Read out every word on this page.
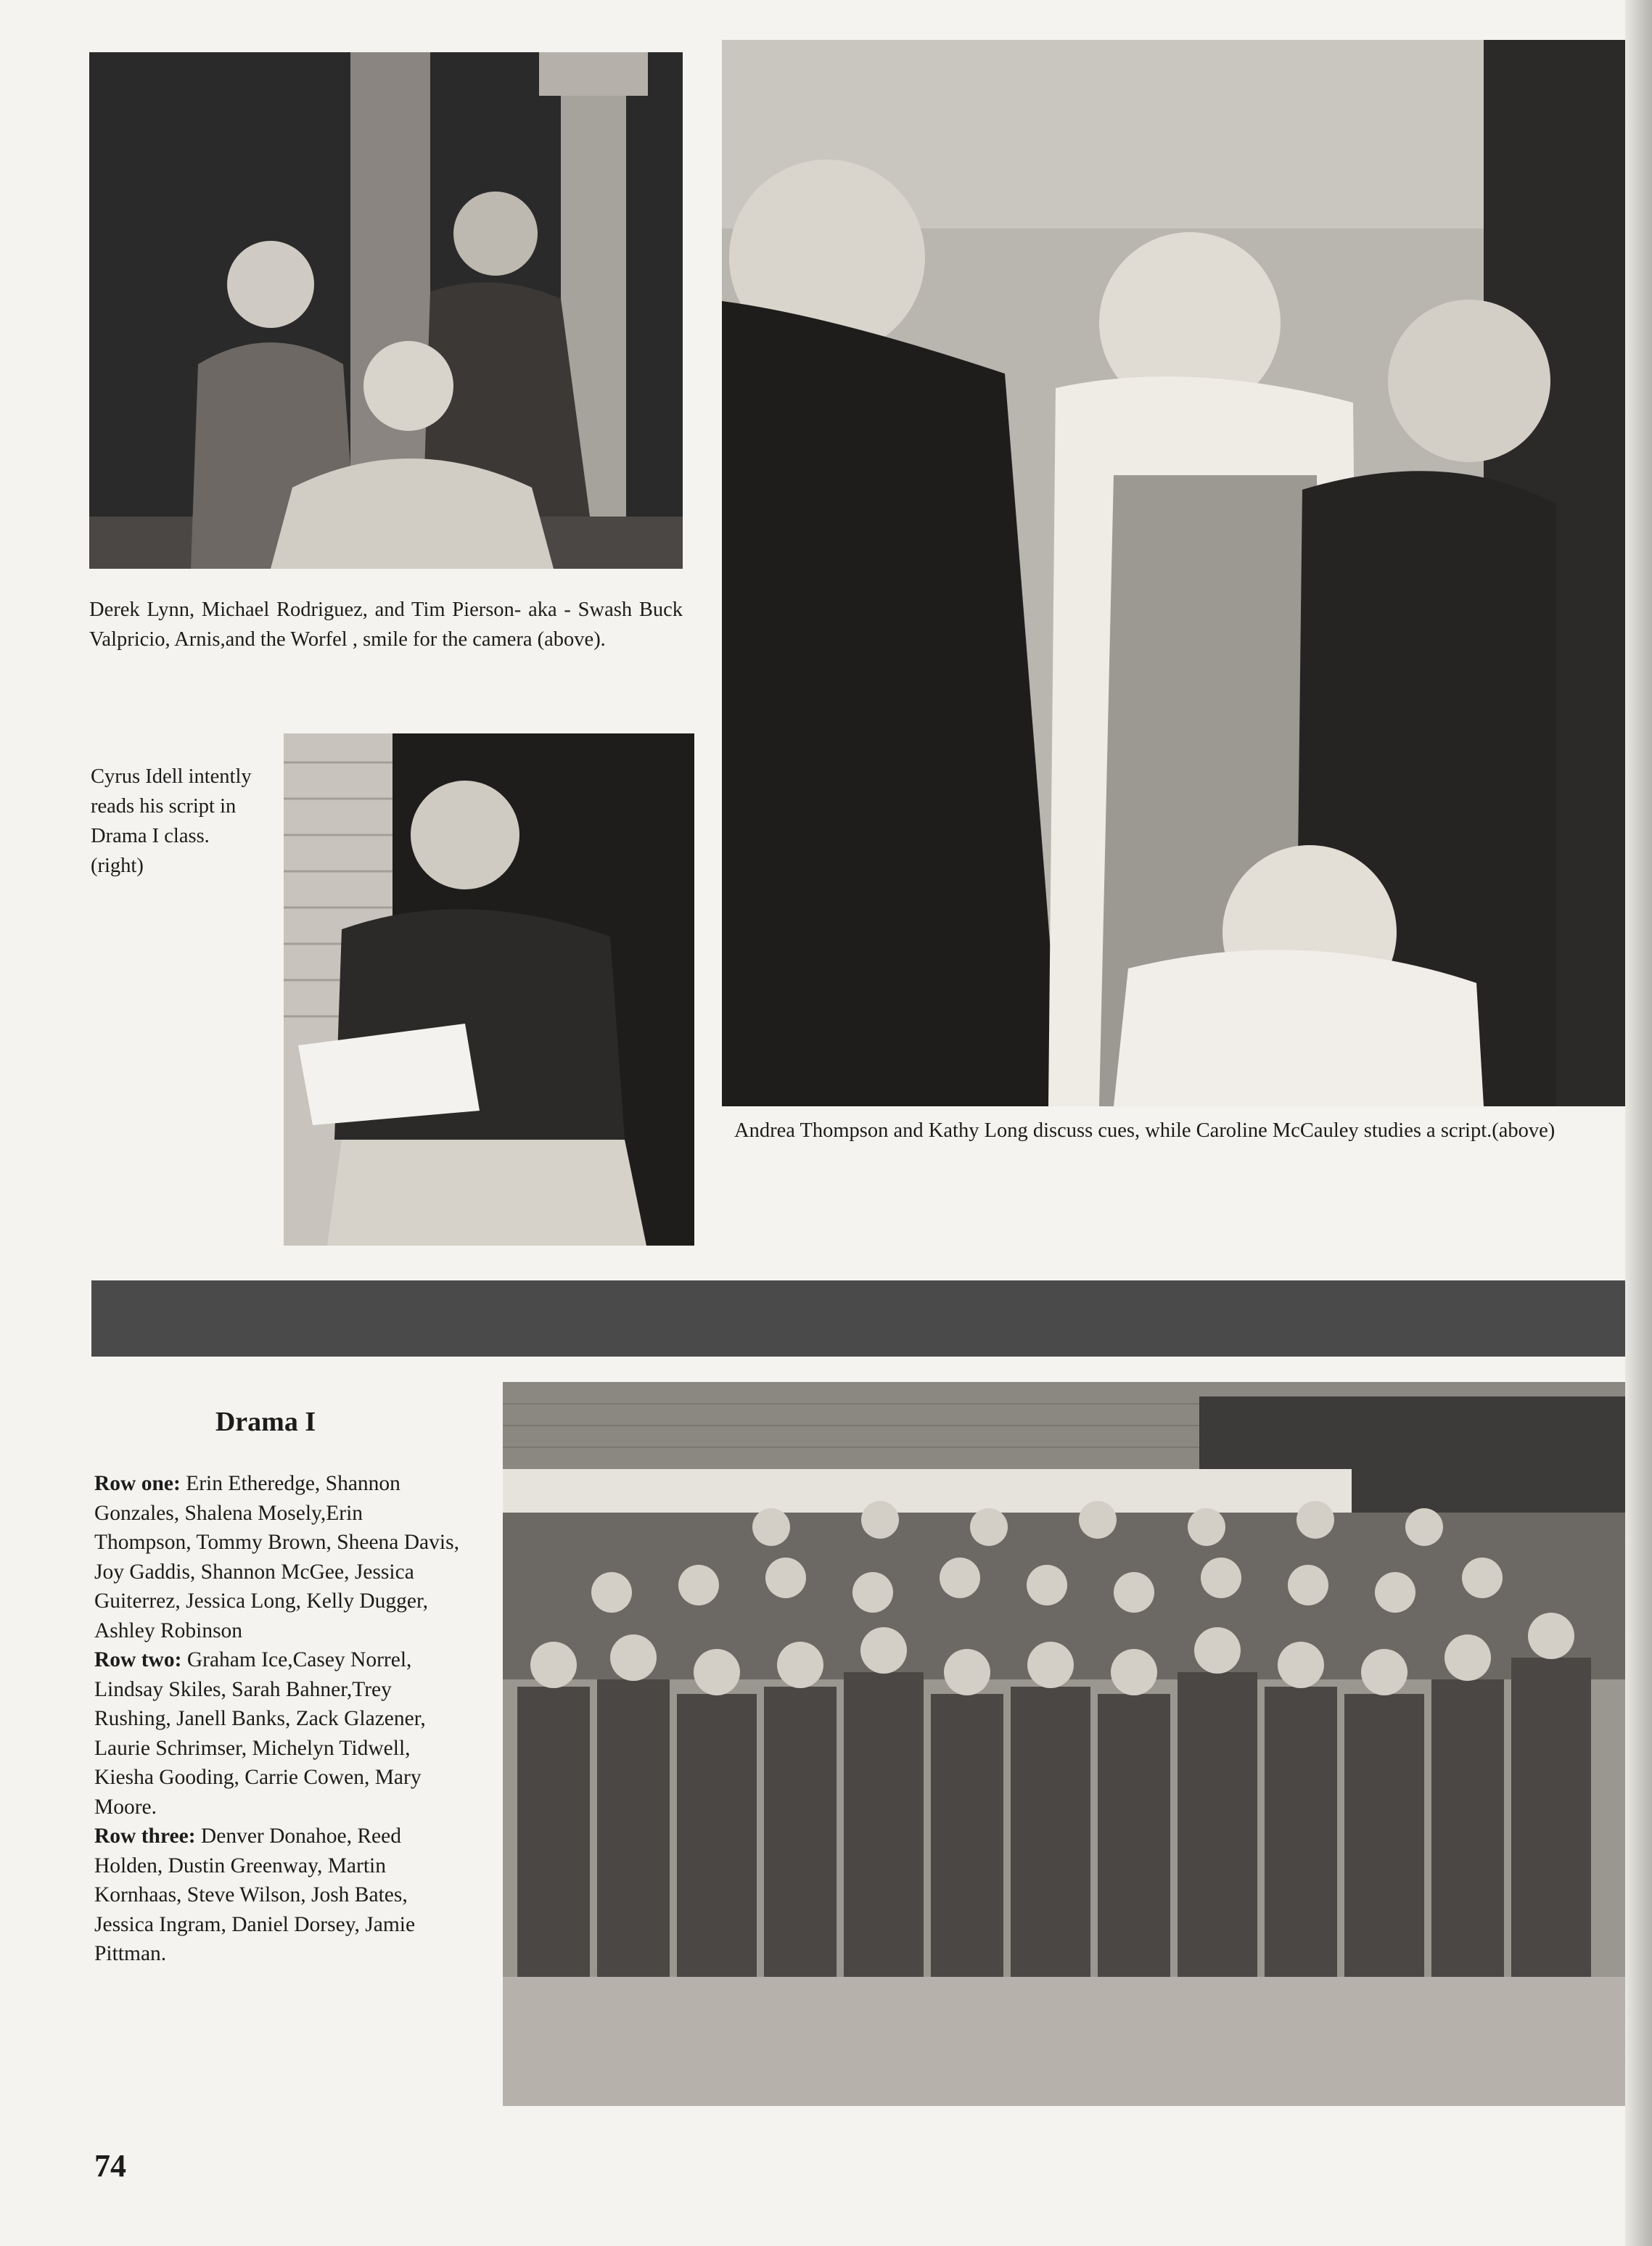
Derek Lynn, Michael Rodriguez, and Tim Pierson- aka - Swash Buck Valpricio, Arnis,and the Worfel , smile for the camera (above).

Andrea Thompson and Kathy Long discuss cues, while Caroline McCauley studies a script.(above)

Cyrus Idell intently reads his script in Drama I class.(right)

Drama I

Row one: Erin Etheredge, Shannon Gonzales, Shalena Mosely,Erin Thompson, Tommy Brown, Sheena Davis, Joy Gaddis, Shannon McGee, Jessica Guiterrez, Jessica Long, Kelly Dugger, Ashley Robinson

Row two: Graham Ice,Casey Norrel, Lindsay Skiles, Sarah Bahner,Trey Rushing, Janell Banks, Zack Glazener, Laurie Schrimser, Michelyn Tidwell, Kiesha Gooding, Carrie Cowen, Mary Moore.

Row three: Denver Donahoe, Reed Holden, Dustin Greenway, Martin Kornhaas, Steve Wilson, Josh Bates, Jessica Ingram, Daniel Dorsey, Jamie Pittman.

74
